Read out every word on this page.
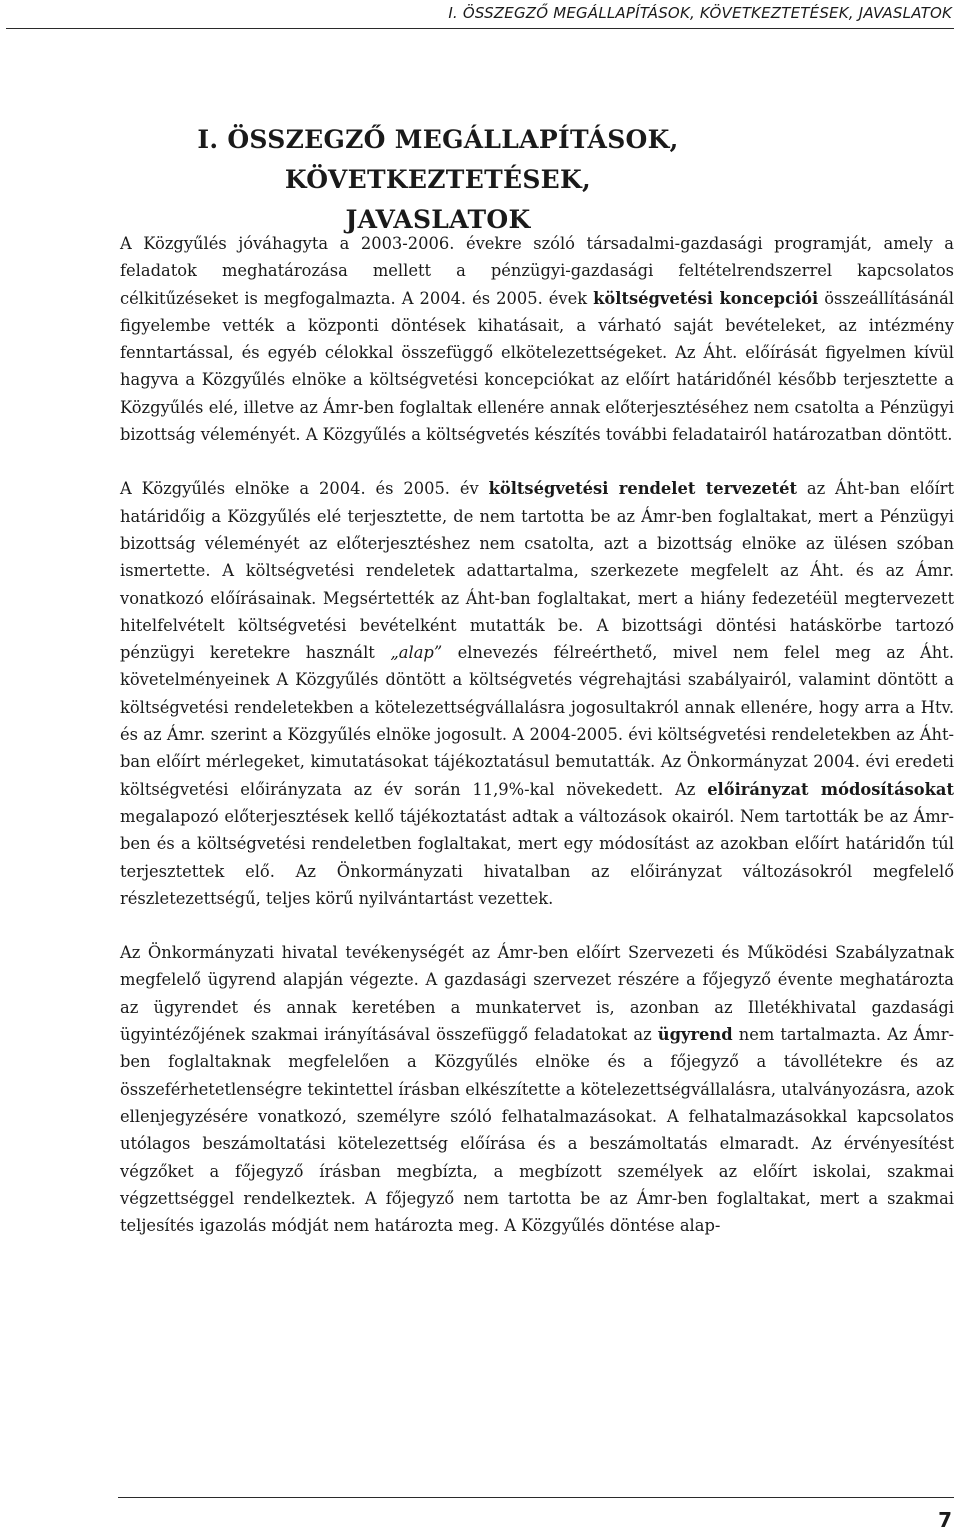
I. ÖSSZEGZŐ MEGÁLLAPÍTÁSOK, KÖVETKEZTETÉSEK, JAVASLATOK
I. ÖSSZEGZŐ MEGÁLLAPÍTÁSOK, KÖVETKEZTETÉSEK,
JAVASLATOK

A Közgyűlés jóváhagyta a 2003-2006. évekre szóló társadalmi-gazdasági programját, amely a feladatok meghatározása mellett a pénzügyi-gazdasági feltételrendszerrel kapcsolatos célkitűzéseket is megfogalmazta. A 2004. és 2005. évek költségvetési koncepciói összeállításánál figyelembe vették a központi döntések kihatásait, a várható saját bevételeket, az intézmény fenntartással, és egyéb célokkal összefüggő elkötelezettségeket. Az Áht. előírását figyelmen kívül hagyva a Közgyűlés elnöke a költségvetési koncepciókat az előírt határidőnél később terjesztette a Közgyűlés elé, illetve az Ámr-ben foglaltak ellenére annak előterjesztéséhez nem csatolta a Pénzügyi bizottság véleményét. A Közgyűlés a költségvetés készítés további feladatairól határozatban döntött.

A Közgyűlés elnöke a 2004. és 2005. év költségvetési rendelet tervezetét az Áht-ban előírt határidőig a Közgyűlés elé terjesztette, de nem tartotta be az Ámr-ben foglaltakat, mert a Pénzügyi bizottság véleményét az előterjesztéshez nem csatolta, azt a bizottság elnöke az ülésen szóban ismertette. A költségvetési rendeletek adattartalma, szerkezete megfelelt az Áht. és az Ámr. vonatkozó előírásainak. Megsértették az Áht-ban foglaltakat, mert a hiány fedezetéül megtervezett hitelfelvételt költségvetési bevételként mutatták be. A bizottsági döntési hatáskörbe tartozó pénzügyi keretekre használt „alap” elnevezés félreérthető, mivel nem felel meg az Áht. követelményeinek A Közgyűlés döntött a költségvetés végrehajtási szabályairól, valamint döntött a költségvetési rendeletekben a kötelezettségvállalásra jogosultakról annak ellenére, hogy arra a Htv. és az Ámr. szerint a Közgyűlés elnöke jogosult. A 2004-2005. évi költségvetési rendeletekben az Áht-ban előírt mérlegeket, kimutatásokat tájékoztatásul bemutatták. Az Önkormányzat 2004. évi eredeti költségvetési előirányzata az év során 11,9%-kal növekedett. Az előirányzat módosításokat megalapozó előterjesztések kellő tájékoztatást adtak a változások okairól. Nem tartották be az Ámr-ben és a költségvetési rendeletben foglaltakat, mert egy módosítást az azokban előírt határidőn túl terjesztettek elő. Az Önkormányzati hivatalban az előirányzat változásokról megfelelő részletezettségű, teljes körű nyilvántartást vezettek.

Az Önkormányzati hivatal tevékenységét az Ámr-ben előírt Szervezeti és Működési Szabályzatnak megfelelő ügyrend alapján végezte. A gazdasági szervezet részére a főjegyző évente meghatározta az ügyrendet és annak keretében a munkatervet is, azonban az Illetékhivatal gazdasági ügyintézőjének szakmai irányításával összefüggő feladatokat az ügyrend nem tartalmazta. Az Ámr-ben foglaltaknak megfelelően a Közgyűlés elnöke és a főjegyző a távollétekre és az összeférhetetlenségre tekintettel írásban elkészítette a kötelezettségvállalásra, utalványozásra, azok ellenjegyzésére vonatkozó, személyre szóló felhatalmazásokat. A felhatalmazásokkal kapcsolatos utólagos beszámoltatási kötelezettség előírása és a beszámoltatás elmaradt. Az érvényesítést végzőket a főjegyző írásban megbízta, a megbízott személyek az előírt iskolai, szakmai végzettséggel rendelkeztek. A főjegyző nem tartotta be az Ámr-ben foglaltakat, mert a szakmai teljesítés igazolás módját nem határozta meg. A Közgyűlés döntése alap-

7
